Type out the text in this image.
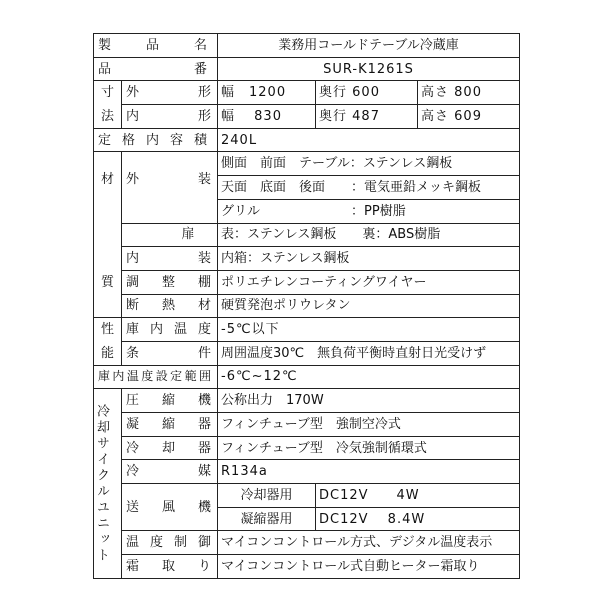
製品名		業務用コールドテーブル冷蔵庫		
品番		SUR-K1261S		
寸	外形	幅　1200	奥行 600	高さ 800
法	内形	幅　 830	奥行 487	高さ 609
定格内容積		240L		
材	外装	側面　前面　テーブル：ステンレス鋼板		
		天面　底面　後面　　：電気亜鉛メッキ鋼板		
		グリル　　　　　　　：PP樹脂		
	扉	表：ステンレス鋼板　　裏：ABS樹脂		
	内装	内箱：ステンレス鋼板		
質	調整棚	ポリエチレンコーティングワイヤー		
	断熱材	硬質発泡ポリウレタン		
性	庫内温度	-5℃以下		
能	条件	周囲温度30℃　無負荷平衡時直射日光受けず		
庫内温度設定範囲		-6℃~12℃		

冷却サイクルユニット	圧縮機	公称出力　170W		
	凝縮器	フィンチューブ型　強制空冷式		
	冷却器	フィンチューブ型　冷気強制循環式		
	冷媒	R134a		
	送風機	冷却器用	DC12V　　4W	
		凝縮器用	DC12V　 8.4W	
	温度制御	マイコンコントロール方式、デジタル温度表示		
	霜取り	マイコンコントロール式自動ヒーター霜取り		
